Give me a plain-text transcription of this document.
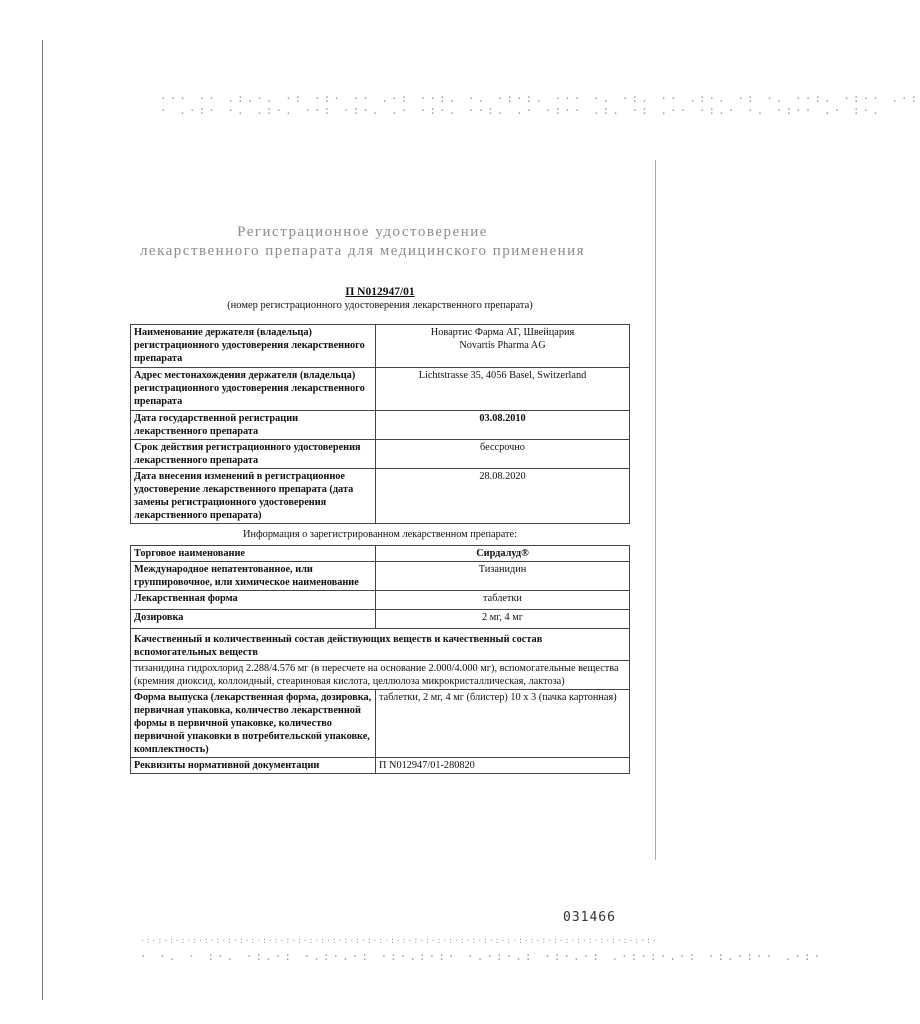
··· ·· .:.·. ·: ·:· ·· .·: ··:. ·. ·:·:. ··· ·. ·:. ·· .:·. ·: ·. ··:. ·:·· .·:
· .·:· ·. .:·. ··: ·:·. .· ·:·. ··:. .· ·:·· .:. ·: .·· ·:.· ·. ·:·· .· :·.
Регистрационное удостоверение
лекарственного препарата для медицинского применения
П N012947/01
(номер регистрационного удостоверения лекарственного препарата)
Наименование держателя (владельца) регистрационного удостоверения лекарственного препарата	Новартис Фарма АГ, Швейцария
Novartis Pharma AG

Адрес местонахождения держателя (владельца) регистрационного удостоверения лекарственного препарата	Lichtstrasse 35, 4056 Basel, Switzerland
Дата государственной регистрации лекарственного препарата	03.08.2010
Срок действия регистрационного удостоверения лекарственного препарата	бессрочно
Дата внесения изменений в регистрационное удостоверение лекарственного препарата (дата замены регистрационного удостоверения лекарственного препарата)	28.08.2020
Информация о зарегистрированном лекарственном препарате:	
Торговое наименование	Сирдалуд®
Международное непатентованное, или группировочное, или химическое наименование	Тизанидин
Лекарственная форма	таблетки
Дозировка	2 мг, 4 мг
Качественный и количественный состав действующих веществ и качественный состав вспомогательных веществ	
тизанидина гидрохлорид 2.288/4.576 мг (в пересчете на основание 2.000/4.000 мг), вспомогательные вещества (кремния диоксид, коллоидный, стеариновая кислота, целлюлоза микрокристаллическая, лактоза)	
Форма выпуска (лекарственная форма, дозировка, первичная упаковка, количество лекарственной формы в первичной упаковке, количество первичной упаковки в потребительской упаковке, комплектность)	таблетки, 2 мг, 4 мг (блистер) 10 х 3 (пачка картонная)
Реквизиты нормативной документации	П N012947/01-280820
031466
·:·:·:·:·:·:·:·:·:·:·:·:·:·:·:·:·:·:·:·:·:·:·:·:·:·:·:·:·:·:·:·:·:·:·:·:·:·:·:·:·:·:·:·:·
· ·. · :·. ·:.·: ·.:·.·: ·:·.:·:· ·.·:·.: ·:·.·: .·:·:·.·: ·:.·:·· .·:·
